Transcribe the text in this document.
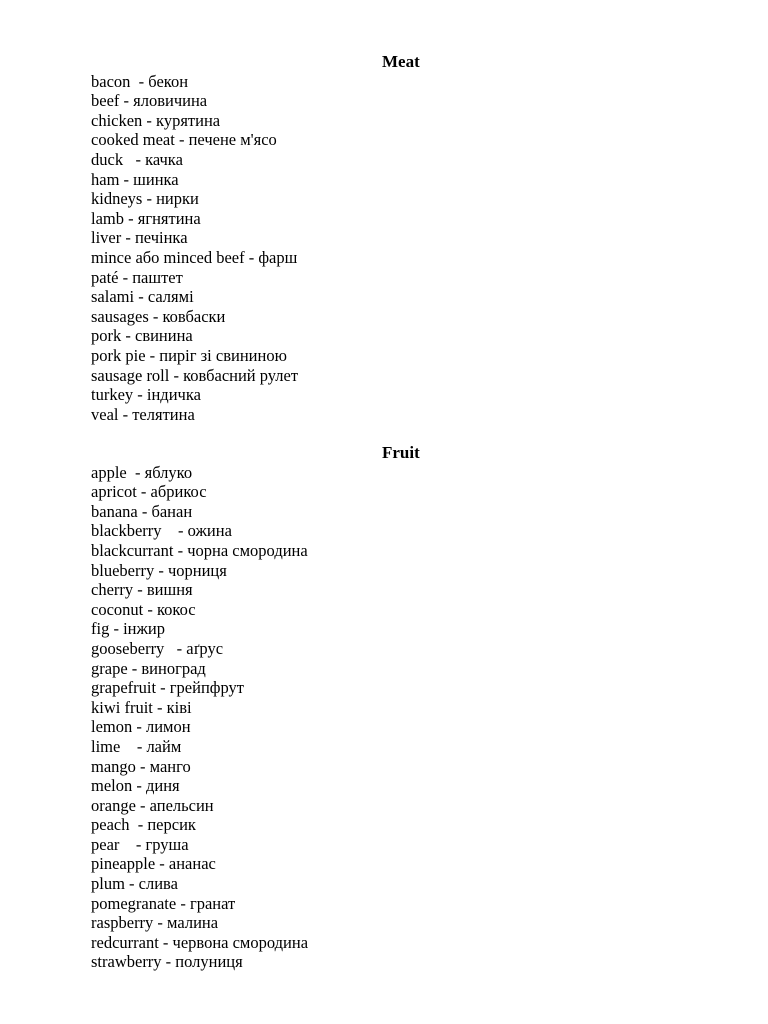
Meat
bacon  - бекон
beef - яловичина
chicken - курятина
cooked meat - печене м'ясо
duck   - качка
ham - шинка
kidneys - нирки
lamb - ягнятина
liver - печінка
mince або minced beef - фарш
paté - паштет
salami - салямі
sausages - ковбаски
pork - свинина
pork pie - пиріг зі свининою
sausage roll - ковбасний рулет
turkey - індичка
veal - телятина
Fruit
apple  - яблуко
apricot - абрикос
banana - банан
blackberry    - ожина
blackcurrant - чорна смородина
blueberry - чорниця
cherry - вишня
coconut - кокос
fig - інжир
gooseberry   - аґрус
grape - виноград
grapefruit - грейпфрут
kiwi fruit - ківі
lemon - лимон
lime    - лайм
mango - манго
melon - диня
orange - апельсин
peach  - персик
pear    - груша
pineapple - ананас
plum - слива
pomegranate - гранат
raspberry - малина
redcurrant - червона смородина
strawberry - полуниця
